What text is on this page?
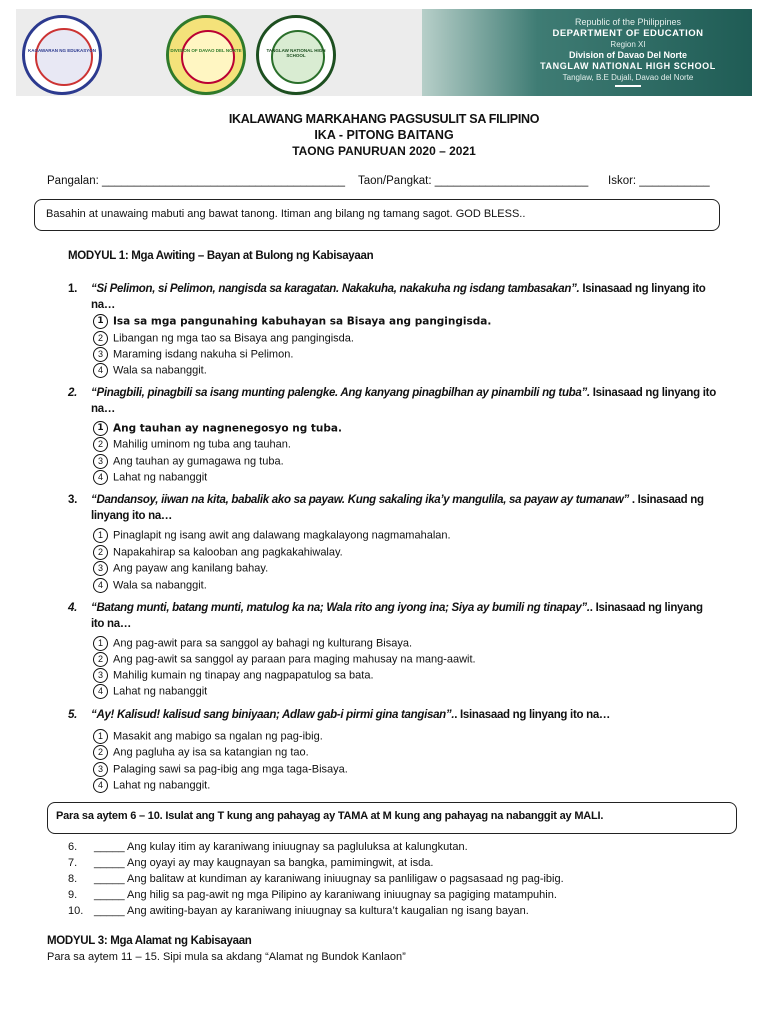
KAGAWARAN NG EDUKASYON	DIVISION OF DAVAO DEL NORTE	TANGLAW NATIONAL HIGH SCHOOL
Republic of the Philippines
DEPARTMENT OF EDUCATION
Region XI
Division of Davao Del Norte
TANGLAW NATIONAL HIGH SCHOOL
Tanglaw, B.E Dujali, Davao del Norte
IKALAWANG MARKAHANG PAGSUSULIT SA FILIPINO
IKA - PITONG BAITANG
TAONG PANURUAN 2020 – 2021
Pangalan: ______________________________________ Taon/Pangkat: ________________________ Iskor: ___________
Basahin at unawaing mabuti ang bawat tanong. Itiman ang bilang ng tamang sagot. GOD BLESS..
MODYUL 1: Mga Awiting – Bayan at Bulong ng Kabisayaan
1. “Si Pelimon, si Pelimon, nangisda sa karagatan. Nakakuha, nakakuha ng isdang tambasakan”. Isinasaad ng linyang ito na…
1 Isa sa mga pangunahing kabuhayan sa Bisaya ang pangingisda.
2 Libangan ng mga tao sa Bisaya ang pangingisda.
3 Maraming isdang nakuha si Pelimon.
4 Wala sa nabanggit.
2. “Pinagbili, pinagbili sa isang munting palengke. Ang kanyang pinagbilhan ay pinambili ng tuba”. Isinasaad ng linyang ito na…
1 Ang tauhan ay nagnenegosyo ng tuba.
2 Mahilig uminom ng tuba ang tauhan.
3 Ang tauhan ay gumagawa ng tuba.
4 Lahat ng nabanggit
3. “Dandansoy, iiwan na kita, babalik ako sa payaw. Kung sakaling ika’y mangulila, sa payaw ay tumanaw” . Isinasaad ng linyang ito na…
1 Pinaglapit ng isang awit ang dalawang magkalayong nagmamahalan.
2 Napakahirap sa kalooban ang pagkakahiwalay.
3 Ang payaw ang kanilang bahay.
4 Wala sa nabanggit.
4. “Batang munti, batang munti, matulog ka na; Wala rito ang iyong ina; Siya ay bumili ng tinapay”.. Isinasaad ng linyang ito na…
1 Ang pag-awit para sa sanggol ay bahagi ng kulturang Bisaya.
2 Ang pag-awit sa sanggol ay paraan para maging mahusay na mang-aawit.
3 Mahilig kumain ng tinapay ang nagpapatulog sa bata.
4 Lahat ng nabanggit
5. “Ay! Kalisud! kalisud sang biniyaan; Adlaw gab-i pirmi gina tangisan”.. Isinasaad ng linyang ito na…
1 Masakit ang mabigo sa ngalan ng pag-ibig.
2 Ang pagluha ay isa sa katangian ng tao.
3 Palaging sawi sa pag-ibig ang mga taga-Bisaya.
4 Lahat ng nabanggit.
Para sa aytem 6 – 10. Isulat ang T kung ang pahayag ay TAMA at M kung ang pahayag na nabanggit ay MALI.
6. _____ Ang kulay itim ay karaniwang iniuugnay sa pagluluksa at kalungkutan.
7. _____ Ang oyayi ay may kaugnayan sa bangka, pamimingwit, at isda.
8. _____ Ang balitaw at kundiman ay karaniwang iniuugnay sa panliligaw o pagsasaad ng pag-ibig.
9. _____ Ang hilig sa pag-awit ng mga Pilipino ay karaniwang iniuugnay sa pagiging matampuhin.
10. _____ Ang awiting-bayan ay karaniwang iniuugnay sa kultura’t kaugalian ng isang bayan.
MODYUL 3: Mga Alamat ng Kabisayaan
Para sa aytem 11 – 15. Sipi mula sa akdang “Alamat ng Bundok Kanlaon”
